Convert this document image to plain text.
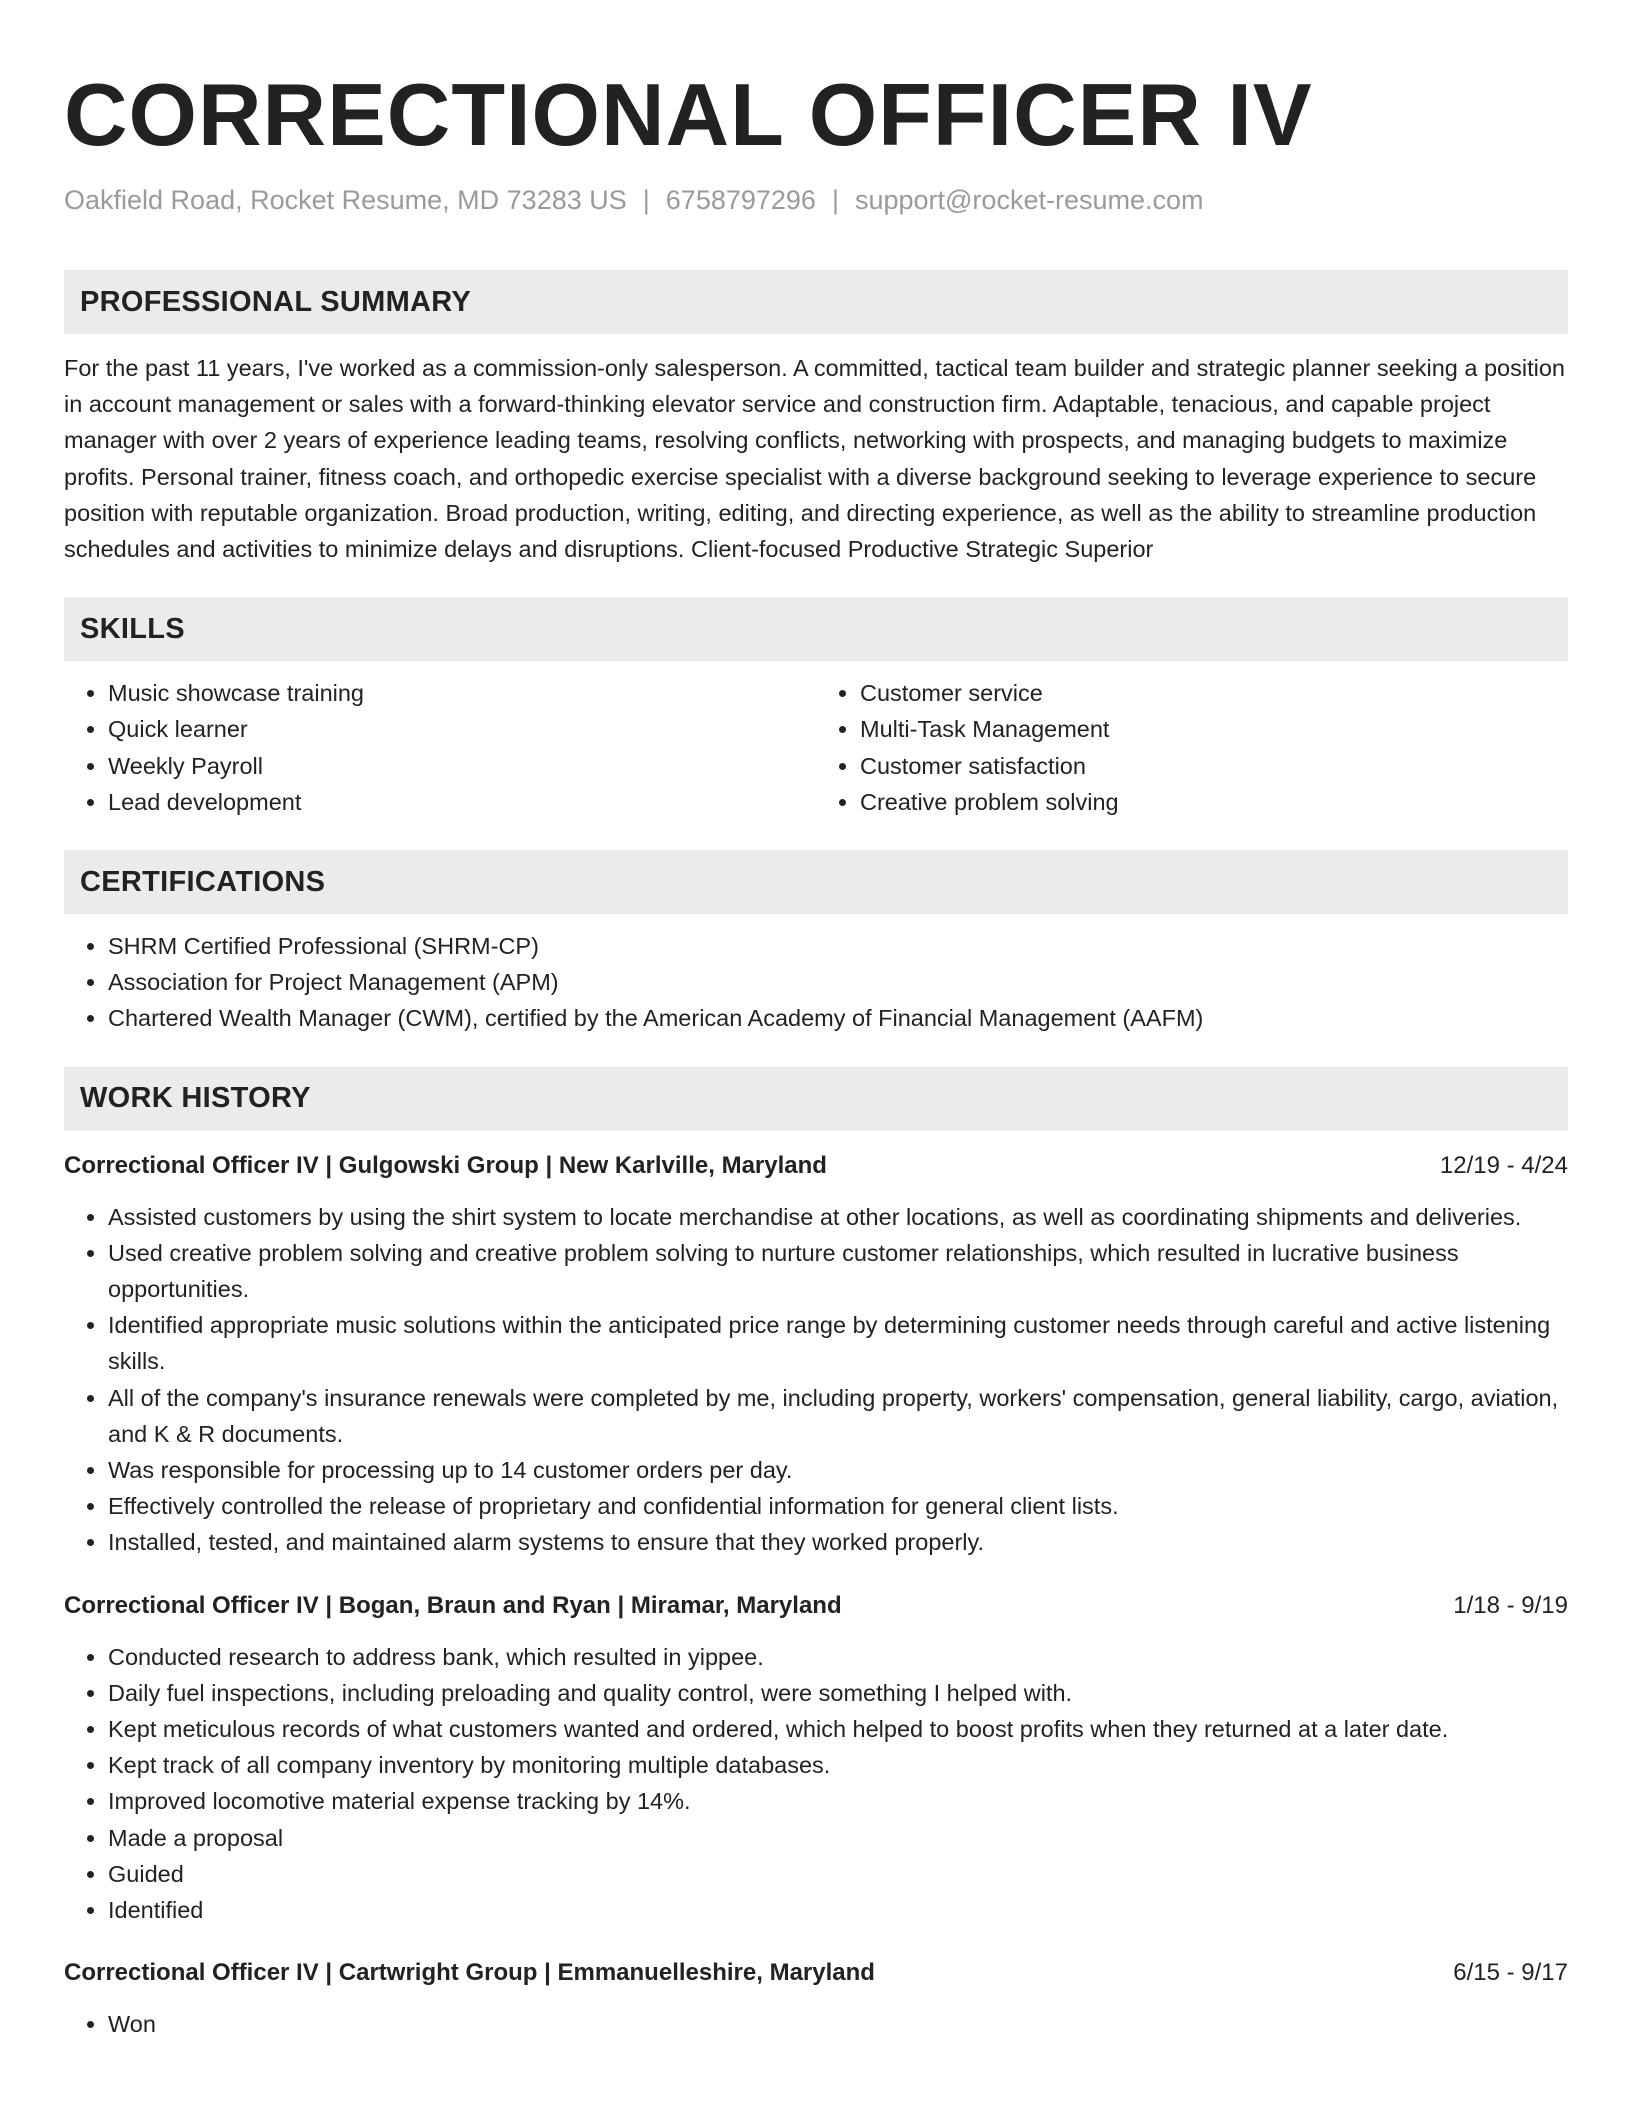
CORRECTIONAL OFFICER IV
Oakfield Road, Rocket Resume, MD 73283 US | 6758797296 | support@rocket-resume.com
PROFESSIONAL SUMMARY
For the past 11 years, I've worked as a commission-only salesperson. A committed, tactical team builder and strategic planner seeking a position in account management or sales with a forward-thinking elevator service and construction firm. Adaptable, tenacious, and capable project manager with over 2 years of experience leading teams, resolving conflicts, networking with prospects, and managing budgets to maximize profits. Personal trainer, fitness coach, and orthopedic exercise specialist with a diverse background seeking to leverage experience to secure position with reputable organization. Broad production, writing, editing, and directing experience, as well as the ability to streamline production schedules and activities to minimize delays and disruptions. Client-focused Productive Strategic Superior
SKILLS
• Music showcase training
• Quick learner
• Weekly Payroll
• Lead development
• Customer service
• Multi-Task Management
• Customer satisfaction
• Creative problem solving
CERTIFICATIONS
• SHRM Certified Professional (SHRM-CP)
• Association for Project Management (APM)
• Chartered Wealth Manager (CWM), certified by the American Academy of Financial Management (AAFM)
WORK HISTORY
Correctional Officer IV | Gulgowski Group | New Karlville, Maryland	12/19 - 4/24
• Assisted customers by using the shirt system to locate merchandise at other locations, as well as coordinating shipments and deliveries.
• Used creative problem solving and creative problem solving to nurture customer relationships, which resulted in lucrative business opportunities.
• Identified appropriate music solutions within the anticipated price range by determining customer needs through careful and active listening skills.
• All of the company's insurance renewals were completed by me, including property, workers' compensation, general liability, cargo, aviation, and K & R documents.
• Was responsible for processing up to 14 customer orders per day.
• Effectively controlled the release of proprietary and confidential information for general client lists.
• Installed, tested, and maintained alarm systems to ensure that they worked properly.
Correctional Officer IV | Bogan, Braun and Ryan | Miramar, Maryland	1/18 - 9/19
• Conducted research to address bank, which resulted in yippee.
• Daily fuel inspections, including preloading and quality control, were something I helped with.
• Kept meticulous records of what customers wanted and ordered, which helped to boost profits when they returned at a later date.
• Kept track of all company inventory by monitoring multiple databases.
• Improved locomotive material expense tracking by 14%.
• Made a proposal
• Guided
• Identified
Correctional Officer IV | Cartwright Group | Emmanuelleshire, Maryland	6/15 - 9/17
• Won
